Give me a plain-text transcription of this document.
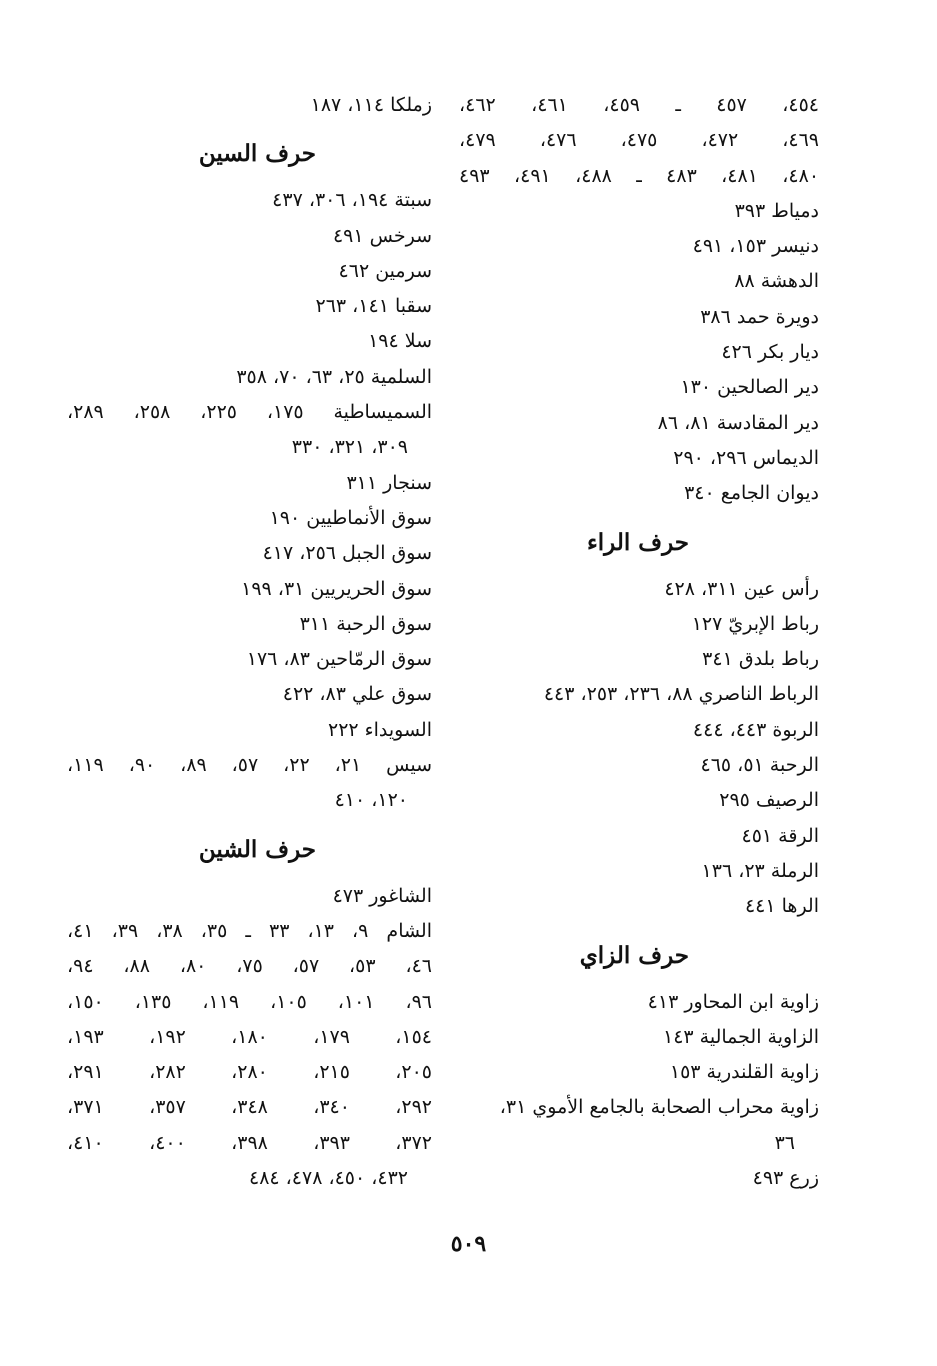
٤٥٤، ٤٥٧ ـ ٤٥٩، ٤٦١، ٤٦٢،
٤٦٩، ٤٧٢، ٤٧٥، ٤٧٦، ٤٧٩،
٤٨٠، ٤٨١، ٤٨٣ ـ ٤٨٨، ٤٩١، ٤٩٣
دمياط ٣٩٣
دنيسر ١٥٣، ٤٩١
الدهشة ٨٨
دويرة حمد ٣٨٦
ديار بكر ٤٢٦
دير الصالحين ١٣٠
دير المقادسة ٨١، ٨٦
الديماس ٢٩٦، ٢٩٠
ديوان الجامع ٣٤٠
حرف الراء
رأس عين ٣١١، ٤٢٨
رباط الإبريّ ١٢٧
رباط بلدق ٣٤١
الرباط الناصري ٨٨، ٢٣٦، ٢٥٣، ٤٤٣
الربوة ٤٤٣، ٤٤٤
الرحبة ٥١، ٤٦٥
الرصيف ٢٩٥
الرقة ٤٥١
الرملة ٢٣، ١٣٦
الرها ٤٤١
حرف الزاي
زاوية ابن المحاور ٤١٣
الزاوية الجمالية ١٤٣
زاوية القلندرية ١٥٣
زاوية محراب الصحابة بالجامع الأموي ٣١،
٣٦
زرع ٤٩٣
زملكا ١١٤، ١٨٧
حرف السين
سبتة ١٩٤، ٣٠٦، ٤٣٧
سرخس ٤٩١
سرمين ٤٦٢
سقبا ١٤١، ٢٦٣
سلا ١٩٤
السلمية ٢٥، ٦٣، ٧٠، ٣٥٨
السميساطية ١٧٥، ٢٢٥، ٢٥٨، ٢٨٩،
٣٠٩، ٣٢١، ٣٣٠
سنجار ٣١١
سوق الأنماطيين ١٩٠
سوق الجبل ٢٥٦، ٤١٧
سوق الحريريين ٣١، ١٩٩
سوق الرحبة ٣١١
سوق الرمّاحين ٨٣، ١٧٦
سوق علي ٨٣، ٤٢٢
السويداء ٢٢٢
سيس ٢١، ٢٢، ٥٧، ٨٩، ٩٠، ١١٩،
١٢٠، ٤١٠
حرف الشين
الشاغور ٤٧٣
الشام ٩، ١٣، ٣٣ ـ ٣٥، ٣٨، ٣٩، ٤١،
٤٦، ٥٣، ٥٧، ٧٥، ٨٠، ٨٨، ٩٤،
٩٦، ١٠١، ١٠٥، ١١٩، ١٣٥، ١٥٠،
١٥٤، ١٧٩، ١٨٠، ١٩٢، ١٩٣،
٢٠٥، ٢١٥، ٢٨٠، ٢٨٢، ٢٩١،
٢٩٢، ٣٤٠، ٣٤٨، ٣٥٧، ٣٧١،
٣٧٢، ٣٩٣، ٣٩٨، ٤٠٠، ٤١٠،
٤٣٢، ٤٥٠، ٤٧٨، ٤٨٤
٥٠٩
